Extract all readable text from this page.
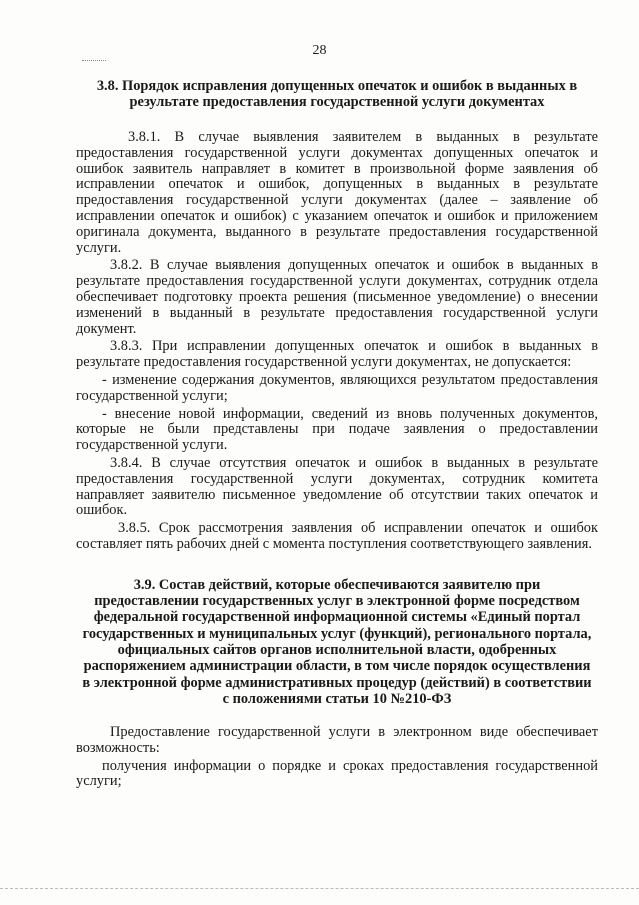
28

3.8. Порядок исправления допущенных опечаток и ошибок в выданных в результате предоставления государственной услуги документах

3.8.1. В случае выявления заявителем в выданных в результате предоставления государственной услуги документах допущенных опечаток и ошибок заявитель направляет в комитет в произвольной форме заявления об исправлении опечаток и ошибок, допущенных в выданных в результате предоставления государственной услуги документах (далее – заявление об исправлении опечаток и ошибок) с указанием опечаток и ошибок и приложением оригинала документа, выданного в результате предоставления государственной услуги.

3.8.2. В случае выявления допущенных опечаток и ошибок в выданных в результате предоставления государственной услуги документах, сотрудник отдела обеспечивает подготовку проекта решения (письменное уведомление) о внесении изменений в выданный в результате предоставления государственной услуги документ.

3.8.3. При исправлении допущенных опечаток и ошибок в выданных в результате предоставления государственной услуги документах, не допускается:

- изменение содержания документов, являющихся результатом предоставления государственной услуги;

- внесение новой информации, сведений из вновь полученных документов, которые не были представлены при подаче заявления о предоставлении государственной услуги.

3.8.4. В случае отсутствия опечаток и ошибок в выданных в результате предоставления государственной услуги документах, сотрудник комитета направляет заявителю письменное уведомление об отсутствии таких опечаток и ошибок.

3.8.5. Срок рассмотрения заявления об исправлении опечаток и ошибок составляет пять рабочих дней с момента поступления соответствующего заявления.

3.9. Состав действий, которые обеспечиваются заявителю при предоставлении государственных услуг в электронной форме посредством федеральной государственной информационной системы «Единый портал государственных и муниципальных услуг (функций), регионального портала, официальных сайтов органов исполнительной власти, одобренных распоряжением администрации области, в том числе порядок осуществления в электронной форме административных процедур (действий) в соответствии с положениями статьи 10 №210-ФЗ

Предоставление государственной услуги в электронном виде обеспечивает возможность:

получения информации о порядке и сроках предоставления государственной услуги;
